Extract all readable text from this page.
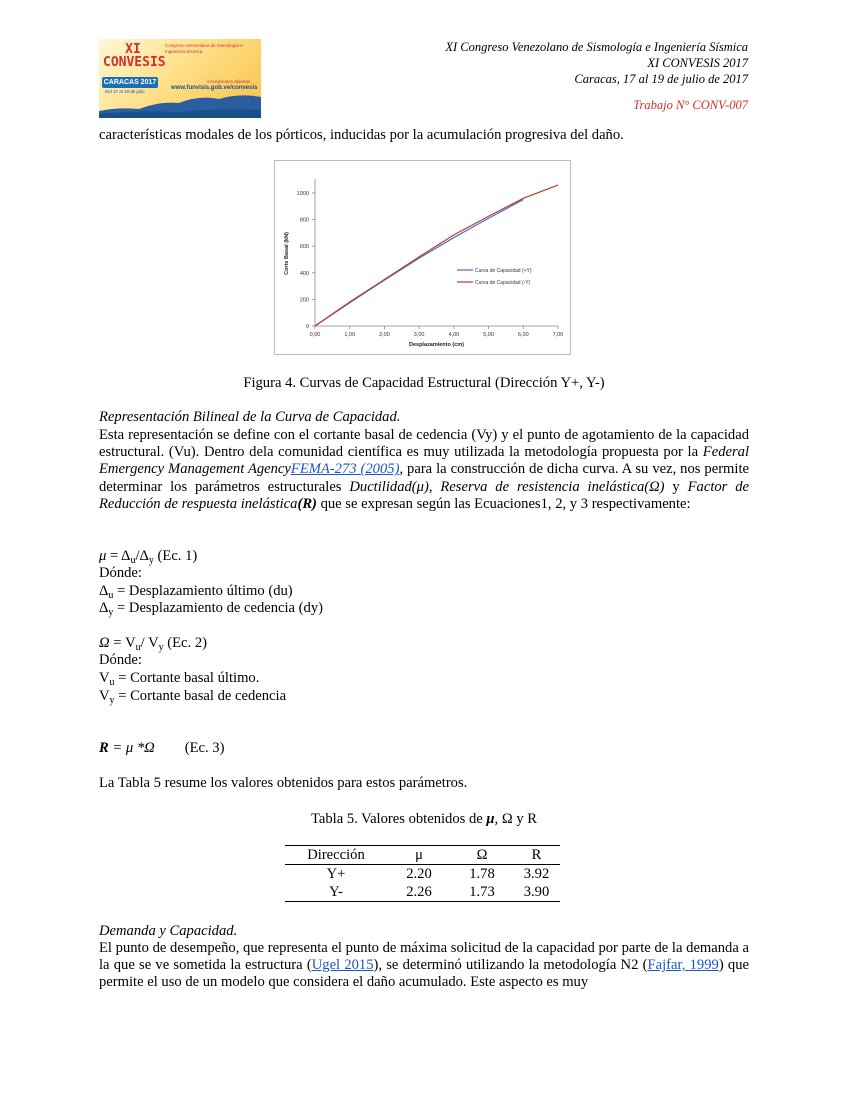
XI CONVESIS
Congreso Venezolano de Sismología e Ingeniería Sísmica
CARACAS 2017
Del 17 al 19 de julio
inscripciones abiertas
www.funvisis.gob.ve/convesis
XI Congreso Venezolano de Sismología e Ingeniería Sísmica
XI CONVESIS 2017
Caracas, 17 al 19 de julio de 2017
Trabajo N° CONV-007
características modales de los pórticos, inducidas por la acumulación progresiva del daño.
0
200
400
600
800
1000
0,00	1,00	2,00	3,00	4,00	5,00	6,00	7,00
Desplazamiento (cm)
Corte Basal (kN)	Curva de Capacidad (+Y)
Curva de Capacidad (-Y)
Figura 4. Curvas de Capacidad Estructural (Dirección Y+, Y-)
Representación Bilineal de la Curva de Capacidad.
Esta representación se define con el cortante basal de cedencia (Vy) y el punto de agotamiento de la capacidad estructural. (Vu). Dentro dela comunidad científica es muy utilizada la metodología propuesta por la Federal Emergency Management AgencyFEMA-273 (2005), para la construcción de dicha curva. A su vez, nos permite determinar los parámetros estructurales Ductilidad(μ), Reserva de resistencia inelástica(Ω) y Factor de Reducción de respuesta inelástica(R) que se expresan según las Ecuaciones1, 2, y 3 respectivamente:
$\mu = \Delta_u/\Delta_y$ (Ec. 1)
Dónde:
$\Delta_u$ = Desplazamiento último (du)
$\Delta_y$ = Desplazamiento de cedencia (dy)
$\Omega = V_u/$ $V_y$ (Ec. 2)
Dónde:
$V_u$ = Cortante basal último.
$V_y$ = Cortante basal de cedencia
R = μ *Ω (Ec. 3)
La Tabla 5 resume los valores obtenidos para estos parámetros.
Tabla 5. Valores obtenidos de μ, Ω y R
Dirección	μ	Ω	R
Y+	2.20	1.78	3.92
Y-	2.26	1.73	3.90
Demanda y Capacidad.
El punto de desempeño, que representa el punto de máxima solicitud de la capacidad por parte de la demanda a la que se ve sometida la estructura (Ugel 2015), se determinó utilizando la metodología N2 (Fajfar, 1999) que permite el uso de un modelo que considera el daño acumulado. Este aspecto es muy
